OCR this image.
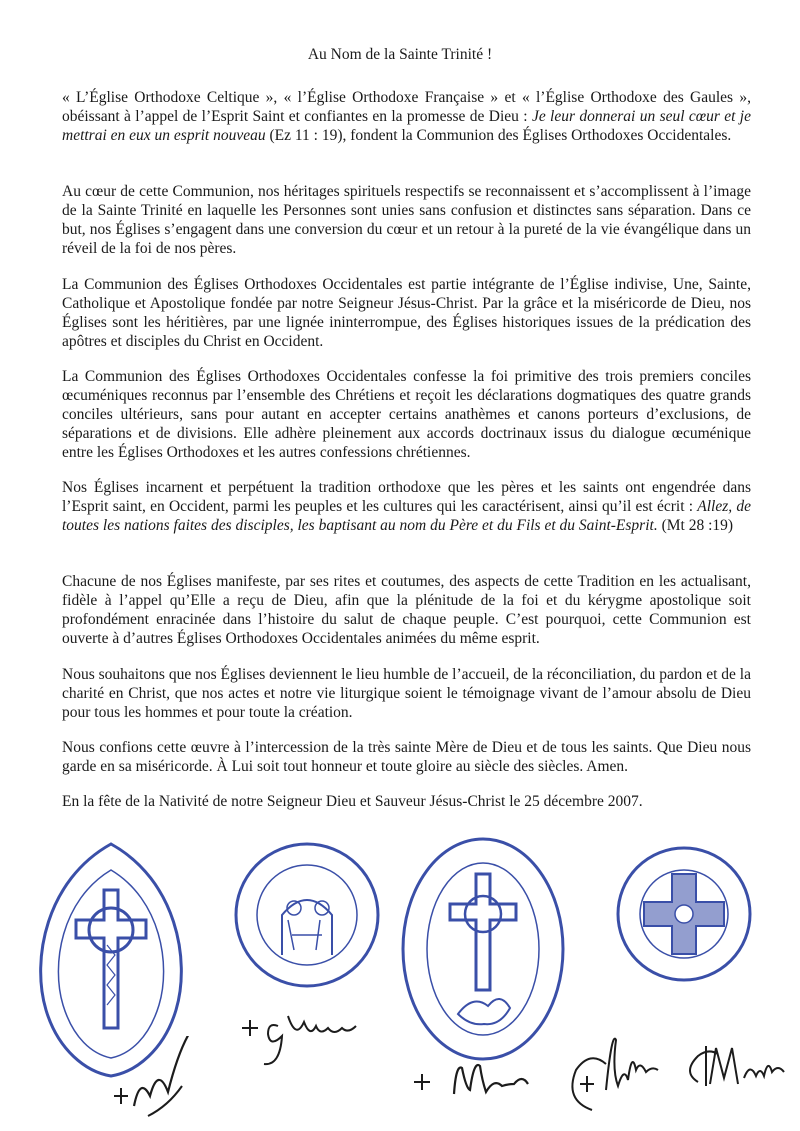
Au Nom de la Sainte Trinité !

« L’Église Orthodoxe Celtique », « l’Église Orthodoxe Française » et « l’Église Orthodoxe des Gaules », obéissant à l’appel de l’Esprit Saint et confiantes en la promesse de Dieu : Je leur donnerai un seul cœur et je mettrai en eux un esprit nouveau (Ez 11 : 19), fondent la Communion des Églises Orthodoxes Occidentales.

Au cœur de cette Communion, nos héritages spirituels respectifs se reconnaissent et s’accomplissent à l’image de la Sainte Trinité en laquelle les Personnes sont unies sans confusion et distinctes sans séparation. Dans ce but, nos Églises s’engagent dans une conversion du cœur et un retour à la pureté de la vie évangélique dans un réveil de la foi de nos pères.

La Communion des Églises Orthodoxes Occidentales est partie intégrante de l’Église indivise, Une, Sainte, Catholique et Apostolique fondée par notre Seigneur Jésus-Christ. Par la grâce et la miséricorde de Dieu, nos Églises sont les héritières, par une lignée ininterrompue, des Églises historiques issues de la prédication des apôtres et disciples du Christ en Occident.

La Communion des Églises Orthodoxes Occidentales confesse la foi primitive des trois premiers conciles œcuméniques reconnus par l’ensemble des Chrétiens et reçoit les déclarations dogmatiques des quatre grands conciles ultérieurs, sans pour autant en accepter certains anathèmes et canons porteurs d’exclusions, de séparations et de divisions. Elle adhère pleinement aux accords doctrinaux issus du dialogue œcuménique entre les Églises Orthodoxes et les autres confessions chrétiennes.

Nos Églises incarnent et perpétuent la tradition orthodoxe que les pères et les saints ont engendrée dans l’Esprit saint, en Occident, parmi les peuples et les cultures qui les caractérisent, ainsi qu’il est écrit : Allez, de toutes les nations faites des disciples, les baptisant au nom du Père et du Fils et du Saint-Esprit. (Mt 28 :19)

Chacune de nos Églises manifeste, par ses rites et coutumes, des aspects de cette Tradition en les actualisant, fidèle à l’appel qu’Elle a reçu de Dieu, afin que la plénitude de la foi et du kérygme apostolique soit profondément enracinée dans l’histoire du salut de chaque peuple. C’est pourquoi, cette Communion est ouverte à d’autres Églises Orthodoxes Occidentales animées du même esprit.

Nous souhaitons que nos Églises deviennent le lieu humble de l’accueil, de la réconciliation, du pardon et de la charité en Christ, que nos actes et notre vie liturgique soient le témoignage vivant de l’amour absolu de Dieu pour tous les hommes et pour toute la création.

Nous confions cette œuvre à l’intercession de la très sainte Mère de Dieu et de tous les saints. Que Dieu nous garde en sa miséricorde. À Lui soit tout honneur et toute gloire au siècle des siècles. Amen.

En la fête de la Nativité de notre Seigneur Dieu et Sauveur Jésus-Christ le 25 décembre 2007.
